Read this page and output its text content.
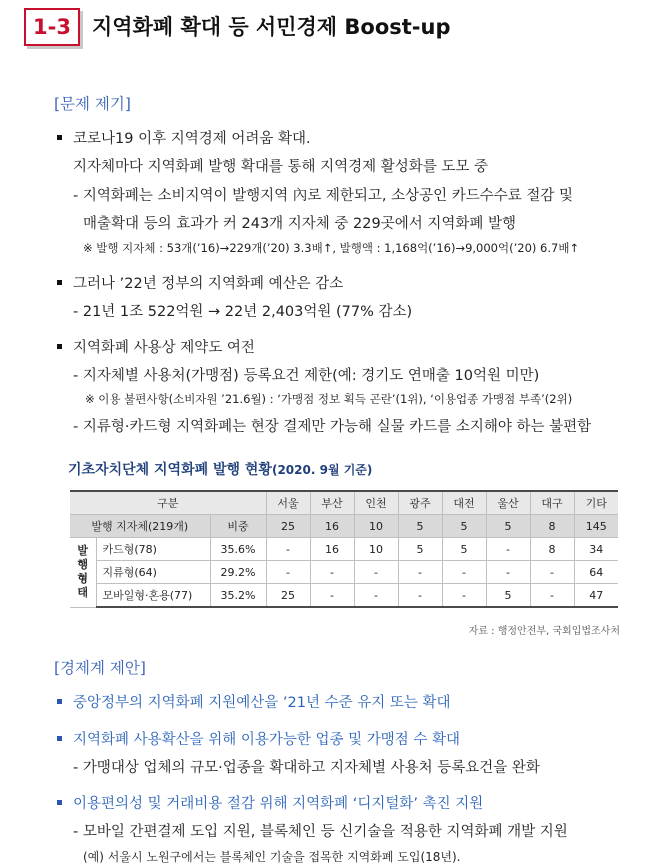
1-3	지역화폐 확대 등 서민경제 Boost-up
[문제 제기]
코로나19 이후 지역경제 어려움 확대.
지자체마다 지역화폐 발행 확대를 통해 지역경제 활성화를 도모 중
- 지역화폐는 소비지역이 발행지역 內로 제한되고, 소상공인 카드수수료 절감 및
매출확대 등의 효과가 커 243개 지자체 중 229곳에서 지역화폐 발행
※ 발행 지자체 : 53개(’16)→229개(’20) 3.3배↑, 발행액 : 1,168억(’16)→9,000억(’20) 6.7배↑
그러나 ’22년 정부의 지역화폐 예산은 감소
- 21년 1조 522억원 → 22년 2,403억원 (77% 감소)
지역화폐 사용상 제약도 여전
- 지자체별 사용처(가맹점) 등록요건 제한(예: 경기도 연매출 10억원 미만)
※ 이용 불편사항(소비자원 ’21.6월) : ‘가맹점 정보 획득 곤란’(1위), ‘이용업종 가맹점 부족’(2위)
- 지류형·카드형 지역화폐는 현장 결제만 가능해 실물 카드를 소지해야 하는 불편함
기초자치단체 지역화폐 발행 현황(2020. 9월 기준)
구분			서울	부산	인천	광주	대전	울산	대구	기타
발행 지자체(219개)		비중	25	16	10	5	5	5	8	145
발행형태	카드형(78)	35.6%	-	16	10	5	5	-	8	34
	지류형(64)	29.2%	-	-	-	-	-	-	-	64
	모바일형·혼용(77)	35.2%	25	-	-	-	-	5	-	47
자료 : 행정안전부, 국회입법조사처
[경제계 제안]
중앙정부의 지역화폐 지원예산을 ’21년 수준 유지 또는 확대
지역화폐 사용확산을 위해 이용가능한 업종 및 가맹점 수 확대
- 가맹대상 업체의 규모·업종을 확대하고 지자체별 사용처 등록요건을 완화
이용편의성 및 거래비용 절감 위해 지역화폐 ‘디지털화’ 촉진 지원
- 모바일 간편결제 도입 지원, 블록체인 등 신기술을 적용한 지역화폐 개발 지원
(예) 서울시 노원구에서는 블록체인 기술을 접목한 지역화폐 도입(18년).
